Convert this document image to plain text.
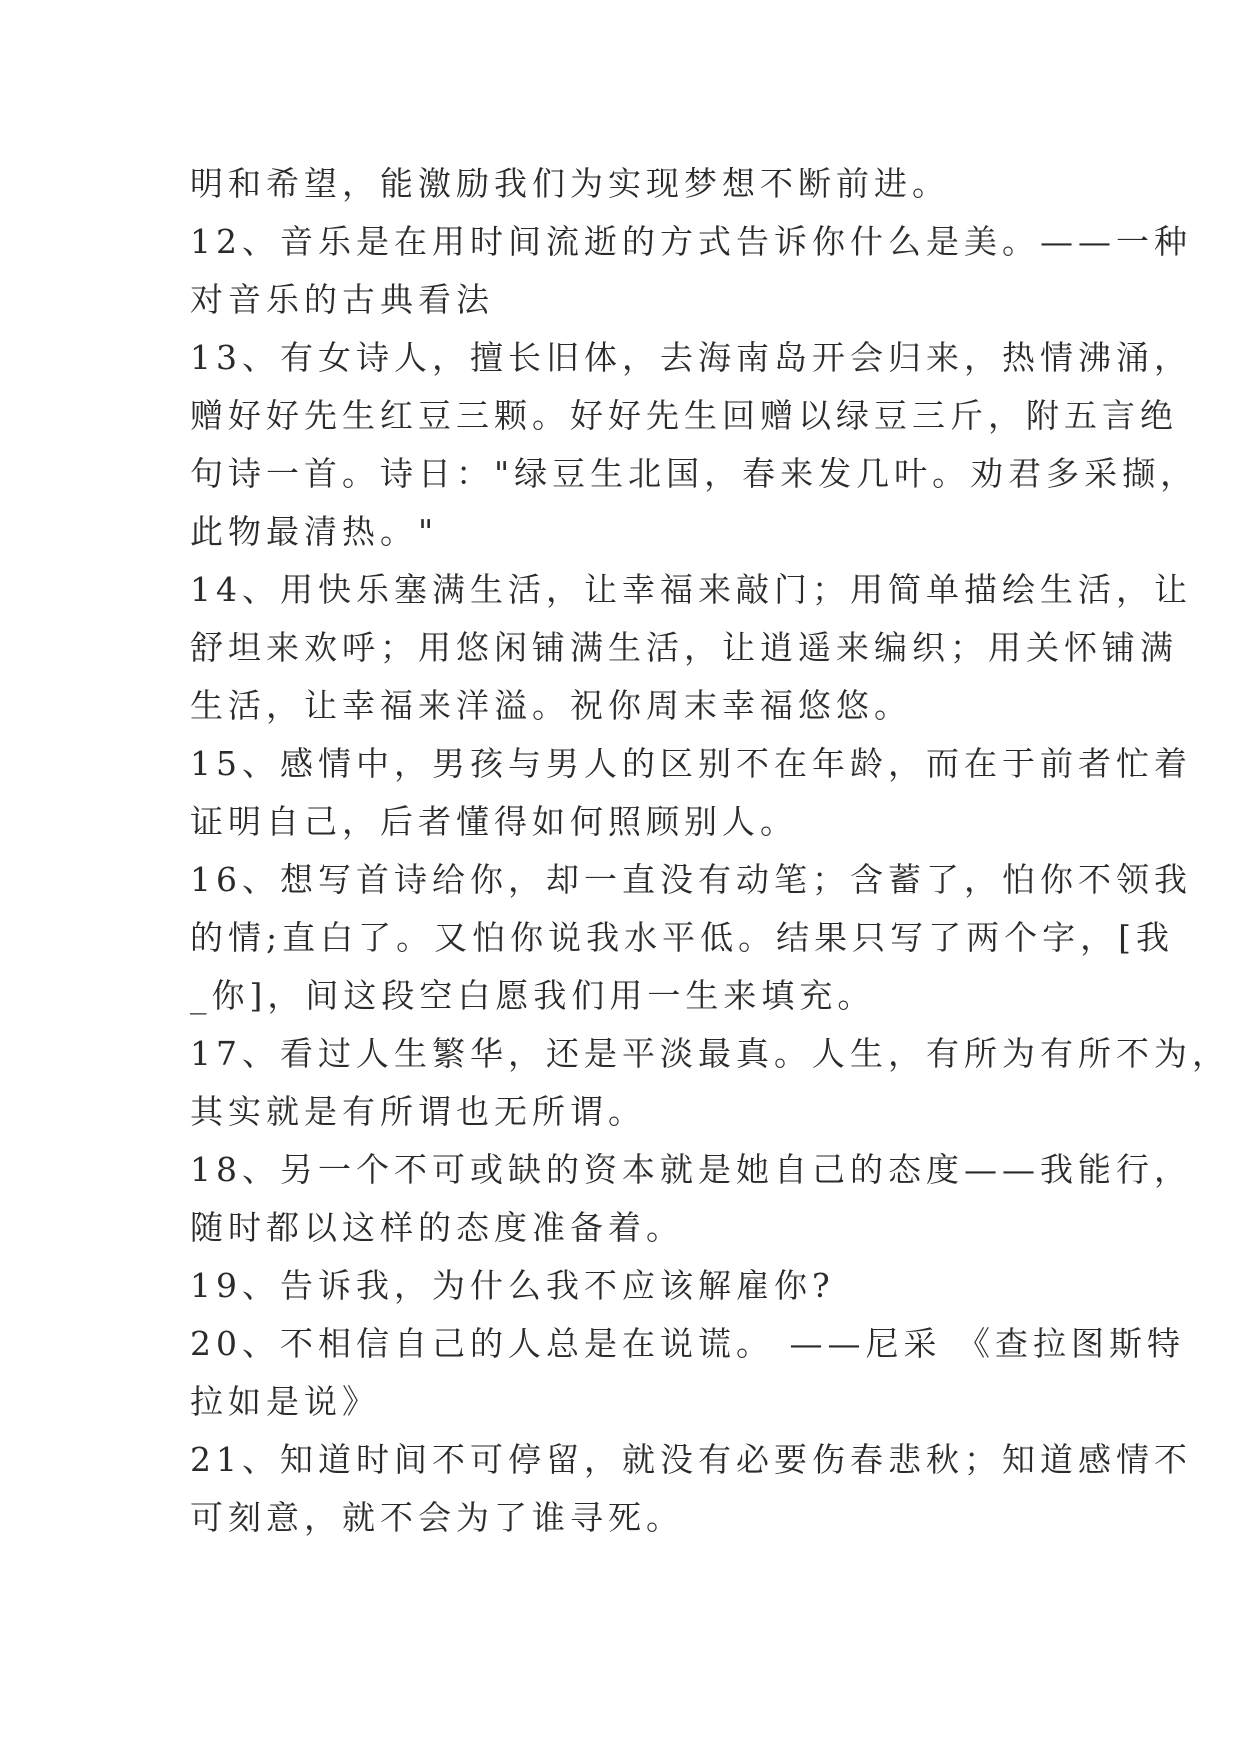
明和希望，能激励我们为实现梦想不断前进。
12、音乐是在用时间流逝的方式告诉你什么是美。——一种
对音乐的古典看法
13、有女诗人，擅长旧体，去海南岛开会归来，热情沸涌，
赠好好先生红豆三颗。好好先生回赠以绿豆三斤，附五言绝
句诗一首。诗日："绿豆生北国，春来发几叶。劝君多采撷，
此物最清热。"
14、用快乐塞满生活，让幸福来敲门；用简单描绘生活，让
舒坦来欢呼；用悠闲铺满生活，让逍遥来编织；用关怀铺满
生活，让幸福来洋溢。祝你周末幸福悠悠。
15、感情中，男孩与男人的区别不在年龄，而在于前者忙着
证明自己，后者懂得如何照顾别人。
16、想写首诗给你，却一直没有动笔；含蓄了，怕你不领我
的情;直白了。又怕你说我水平低。结果只写了两个字，[我
_你]，间这段空白愿我们用一生来填充。
17、看过人生繁华，还是平淡最真。人生，有所为有所不为，
其实就是有所谓也无所谓。
18、另一个不可或缺的资本就是她自己的态度——我能行，
随时都以这样的态度准备着。
19、告诉我，为什么我不应该解雇你?
20、不相信自己的人总是在说谎。 ——尼采 《查拉图斯特
拉如是说》
21、知道时间不可停留，就没有必要伤春悲秋；知道感情不
可刻意，就不会为了谁寻死。
